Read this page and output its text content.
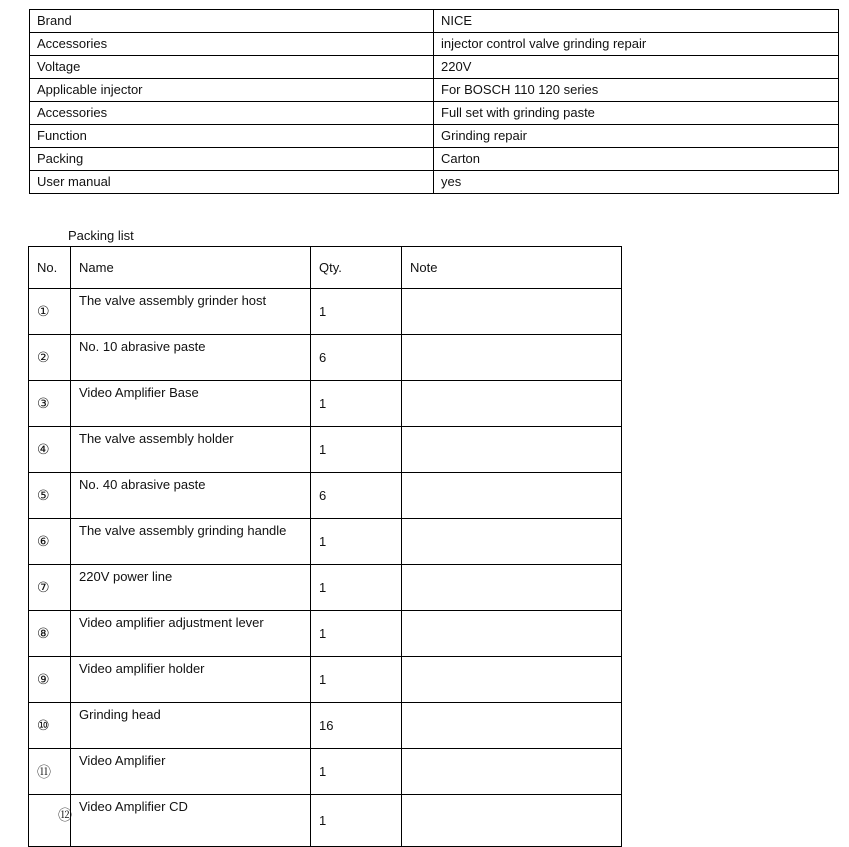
Brand	NICE
Accessories	injector control valve grinding repair
Voltage	220V
Applicable injector	For BOSCH 110 120 series
Accessories	Full set with grinding paste
Function	Grinding repair
Packing	Carton
User manual	yes
Packing list
No.	Name	Qty.	Note
①	The valve assembly grinder host	1	
②	No. 10 abrasive paste	6	
③	Video Amplifier Base	1	
④	The valve assembly holder	1	
⑤	No. 40 abrasive paste	6	
⑥	The valve assembly grinding handle	1	
⑦	220V power line	1	
⑧	Video amplifier adjustment lever	1	
⑨	Video amplifier holder	1	
⑩	Grinding head	16	
⑪	Video Amplifier	1	
⑫	Video Amplifier CD	1	
